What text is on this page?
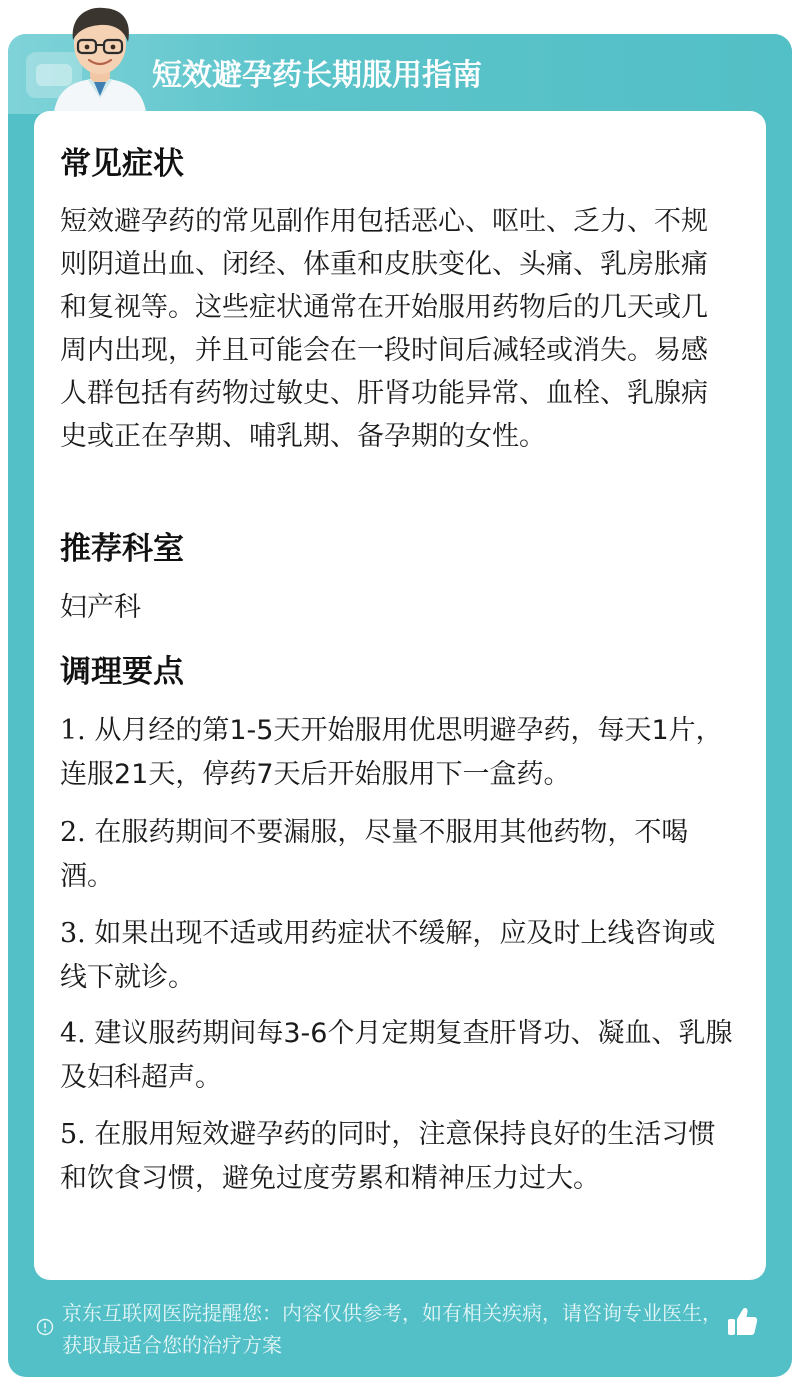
短效避孕药长期服用指南
常见症状
短效避孕药的常见副作用包括恶心、呕吐、乏力、不规则阴道出血、闭经、体重和皮肤变化、头痛、乳房胀痛和复视等。这些症状通常在开始服用药物后的几天或几周内出现，并且可能会在一段时间后减轻或消失。易感人群包括有药物过敏史、肝肾功能异常、血栓、乳腺病史或正在孕期、哺乳期、备孕期的女性。
推荐科室
妇产科
调理要点
1. 从月经的第1-5天开始服用优思明避孕药，每天1片，连服21天，停药7天后开始服用下一盒药。
2. 在服药期间不要漏服，尽量不服用其他药物，不喝酒。
3. 如果出现不适或用药症状不缓解，应及时上线咨询或线下就诊。
4. 建议服药期间每3-6个月定期复查肝肾功、凝血、乳腺及妇科超声。
5. 在服用短效避孕药的同时，注意保持良好的生活习惯和饮食习惯，避免过度劳累和精神压力过大。
京东互联网医院提醒您：内容仅供参考，如有相关疾病，请咨询专业医生，获取最适合您的治疗方案
